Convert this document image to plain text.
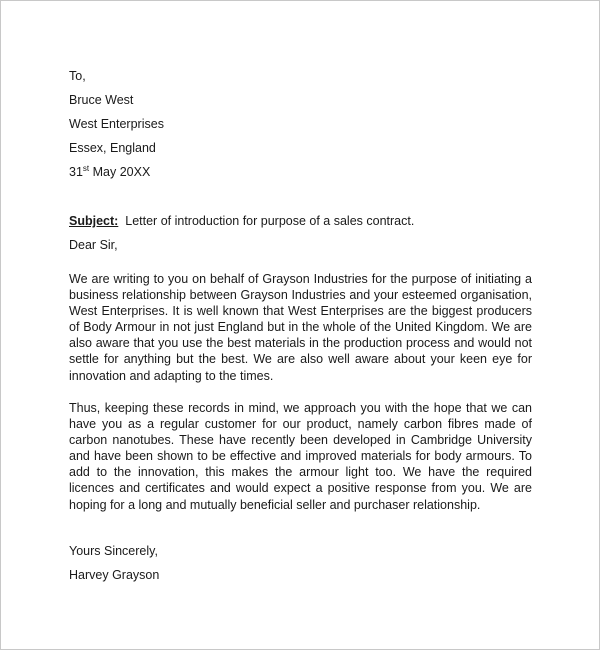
To,
Bruce West
West Enterprises
Essex, England
31st May 20XX
Subject:  Letter of introduction for purpose of a sales contract.
Dear Sir,
We are writing to you on behalf of Grayson Industries for the purpose of initiating a business relationship between Grayson Industries and your esteemed organisation, West Enterprises. It is well known that West Enterprises are the biggest producers of Body Armour in not just England but in the whole of the United Kingdom. We are also aware that you use the best materials in the production process and would not settle for anything but the best. We are also well aware about your keen eye for innovation and adapting to the times.
Thus, keeping these records in mind, we approach you with the hope that we can have you as a regular customer for our product, namely carbon fibres made of carbon nanotubes. These have recently been developed in Cambridge University and have been shown to be effective and improved materials for body armours. To add to the innovation, this makes the armour light too. We have the required licences and certificates and would expect a positive response from you. We are hoping for a long and mutually beneficial seller and purchaser relationship.
Yours Sincerely,
Harvey Grayson
